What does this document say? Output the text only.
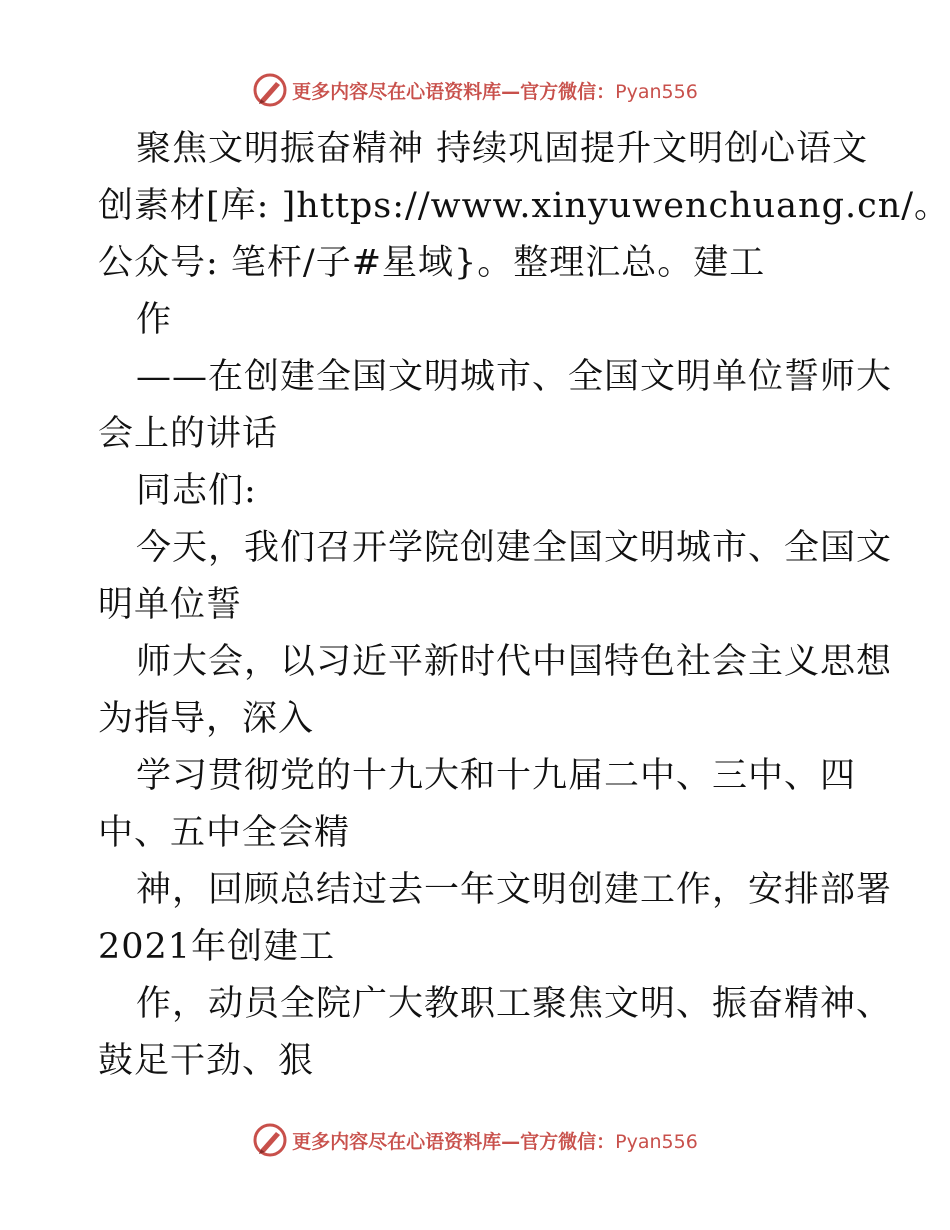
更多内容尽在心语资料库—官方微信：Pyan556
聚焦文明振奋精神 持续巩固提升文明创心语文
创素材[库: ]https://www.xinyuwenchuang.cn/。
公众号: 笔杆/子#星域}。整理汇总。建工
作
——在创建全国文明城市、全国文明单位誓师大
会上的讲话
同志们:
今天，我们召开学院创建全国文明城市、全国文
明单位誓
师大会，以习近平新时代中国特色社会主义思想
为指导，深入
学习贯彻党的十九大和十九届二中、三中、四
中、五中全会精
神，回顾总结过去一年文明创建工作，安排部署
2021年创建工
作，动员全院广大教职工聚焦文明、振奋精神、
鼓足干劲、狠
更多内容尽在心语资料库—官方微信：Pyan556
